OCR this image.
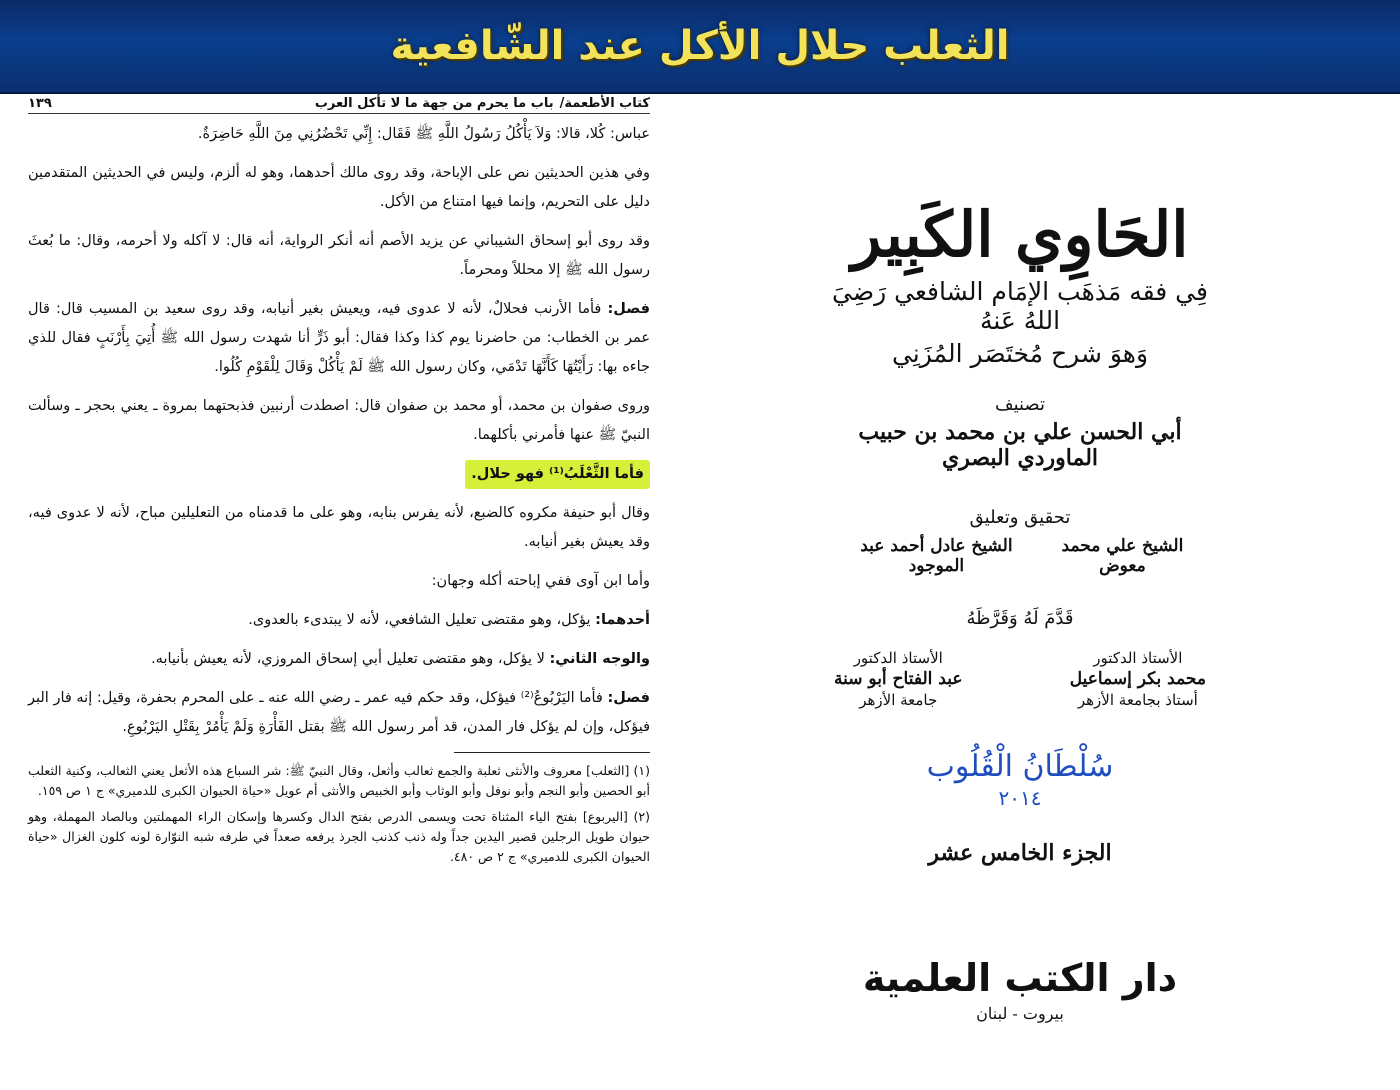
الثعلب حلال الأكل عند الشّافعية
كتاب الأطعمة/
باب ما يحرم من جهة ما لا تأكل العرب
١٣٩

عباس: كُلا، قالا: وَلاَ يَأْكُلُ رَسُولُ اللَّهِ ﷺ فَقَال: إِنِّي تَحْضُرُنِي مِنَ اللَّهِ حَاضِرَةٌ.

وفي هذين الحديثين نص على الإباحة، وقد روى مالك أحدهما، وهو له ألزم، وليس في الحديثين المتقدمين دليل على التحريم، وإنما فيها امتناع من الأكل.

وقد روى أبو إسحاق الشيباني عن يزيد الأصم أنه أنكر الرواية، أنه قال: لا آكله ولا أحرمه، وقال: ما بُعثَ رسول الله ﷺ إلا محللاً ومحرماً.

فصل: فأما الأرنب فحلالٌ، لأنه لا عدوى فيه، ويعيش بغير أنيابه، وقد روى سعيد بن المسيب قال: قال عمر بن الخطاب: من حاضرنا يوم كذا وكذا فقال: أبو ذَرٍّ أنا شهدت رسول الله ﷺ أُتِيَ بِأَرْنَبٍ فقال للذي جاءه بها: رَأَيْتُهَا كَأَنَّهَا تَدْمَي، وكان رسول الله ﷺ لَمْ يَأْكُلْ وَقَالَ لِلْقَوْمِ كُلُوا.

وروى صفوان بن محمد، أو محمد بن صفوان قال: اصطدت أرنبين فذبحتهما بمروة ـ يعني بحجر ـ وسألت النبيّ ﷺ عنها فأمرني بأكلهما.

فأما الثَّعْلَبُ⁽¹⁾ فهو حلال.

وقال أبو حنيفة مكروه كالضبع، لأنه يفرس بنابه، وهو على ما قدمناه من التعليلين مباح، لأنه لا عدوى فيه، وقد يعيش بغير أنيابه.

وأما ابن آوى ففي إباحته أكله وجهان:

أحدهما: يؤكل، وهو مقتضى تعليل الشافعي، لأنه لا يبتدىء بالعدوى.

والوجه الثاني: لا يؤكل، وهو مقتضى تعليل أبي إسحاق المروزي، لأنه يعيش بأنيابه.

فصل: فأما اليَرْبُوعُ⁽²⁾ فيؤكل، وقد حكم فيه عمر ـ رضي الله عنه ـ على المحرم بحفرة، وقيل: إنه فار البر فيؤكل، وإن لم يؤكل فار المدن، قد أمر رسول الله ﷺ بقتل الفَأْرَةِ وَلَمْ يَأْمُرْ بِقَتْلِ اليَرْبُوعِ.

(١) [الثعلب] معروف والأنثى ثعلبة والجمع ثعالب وأثعل، وقال النبيّ ﷺ: شر السباع هذه الأثعل يعني الثعالب، وكنية الثعلب أبو الحصين وأبو النجم وأبو نوفل وأبو الوثاب وأبو الخبيص والأنثى أم عويل «حياة الحيوان الكبرى للدميري» ج ١ ص ١٥٩.

(٢) [اليربوع] بفتح الياء المثناة تحت ويسمى الدرص بفتح الدال وكسرها وإسكان الراء المهملتين وبالصاد المهملة، وهو حيوان طويل الرجلين قصير اليدين جداً وله ذنب كذنب الجرذ يرفعه صعداً في طرفه شبه النوّارة لونه كلون الغزال «حياة الحيوان الكبرى للدميري» ج ٢ ص ٤٨٠.

الحَاوِي الكَبِير

فِي فقه مَذهَب الإمَام الشافعي رَضِيَ اللهُ عَنهُ

وَهوَ شرح مُختَصَر المُزَنِي

تصنيف

أبي الحسن علي بن محمد بن حبيب الماوردي البصري

تحقيق وتعليق

الشيخ علي محمد معوض
الشيخ عادل أحمد عبد الموجود

قَدَّمَ لَهُ وَقَرَّظَهُ

الأستاذ الدكتور

محمد بكر إسماعيل

أستاذ بجامعة الأزهر

الأستاذ الدكتور

عبد الفتاح أبو سنة

جامعة الأزهر

سُلْطَانُ الْقُلُوب

٢٠١٤

الجزء الخامس عشر

دار الكتب العلمية

بيروت - لبنان
